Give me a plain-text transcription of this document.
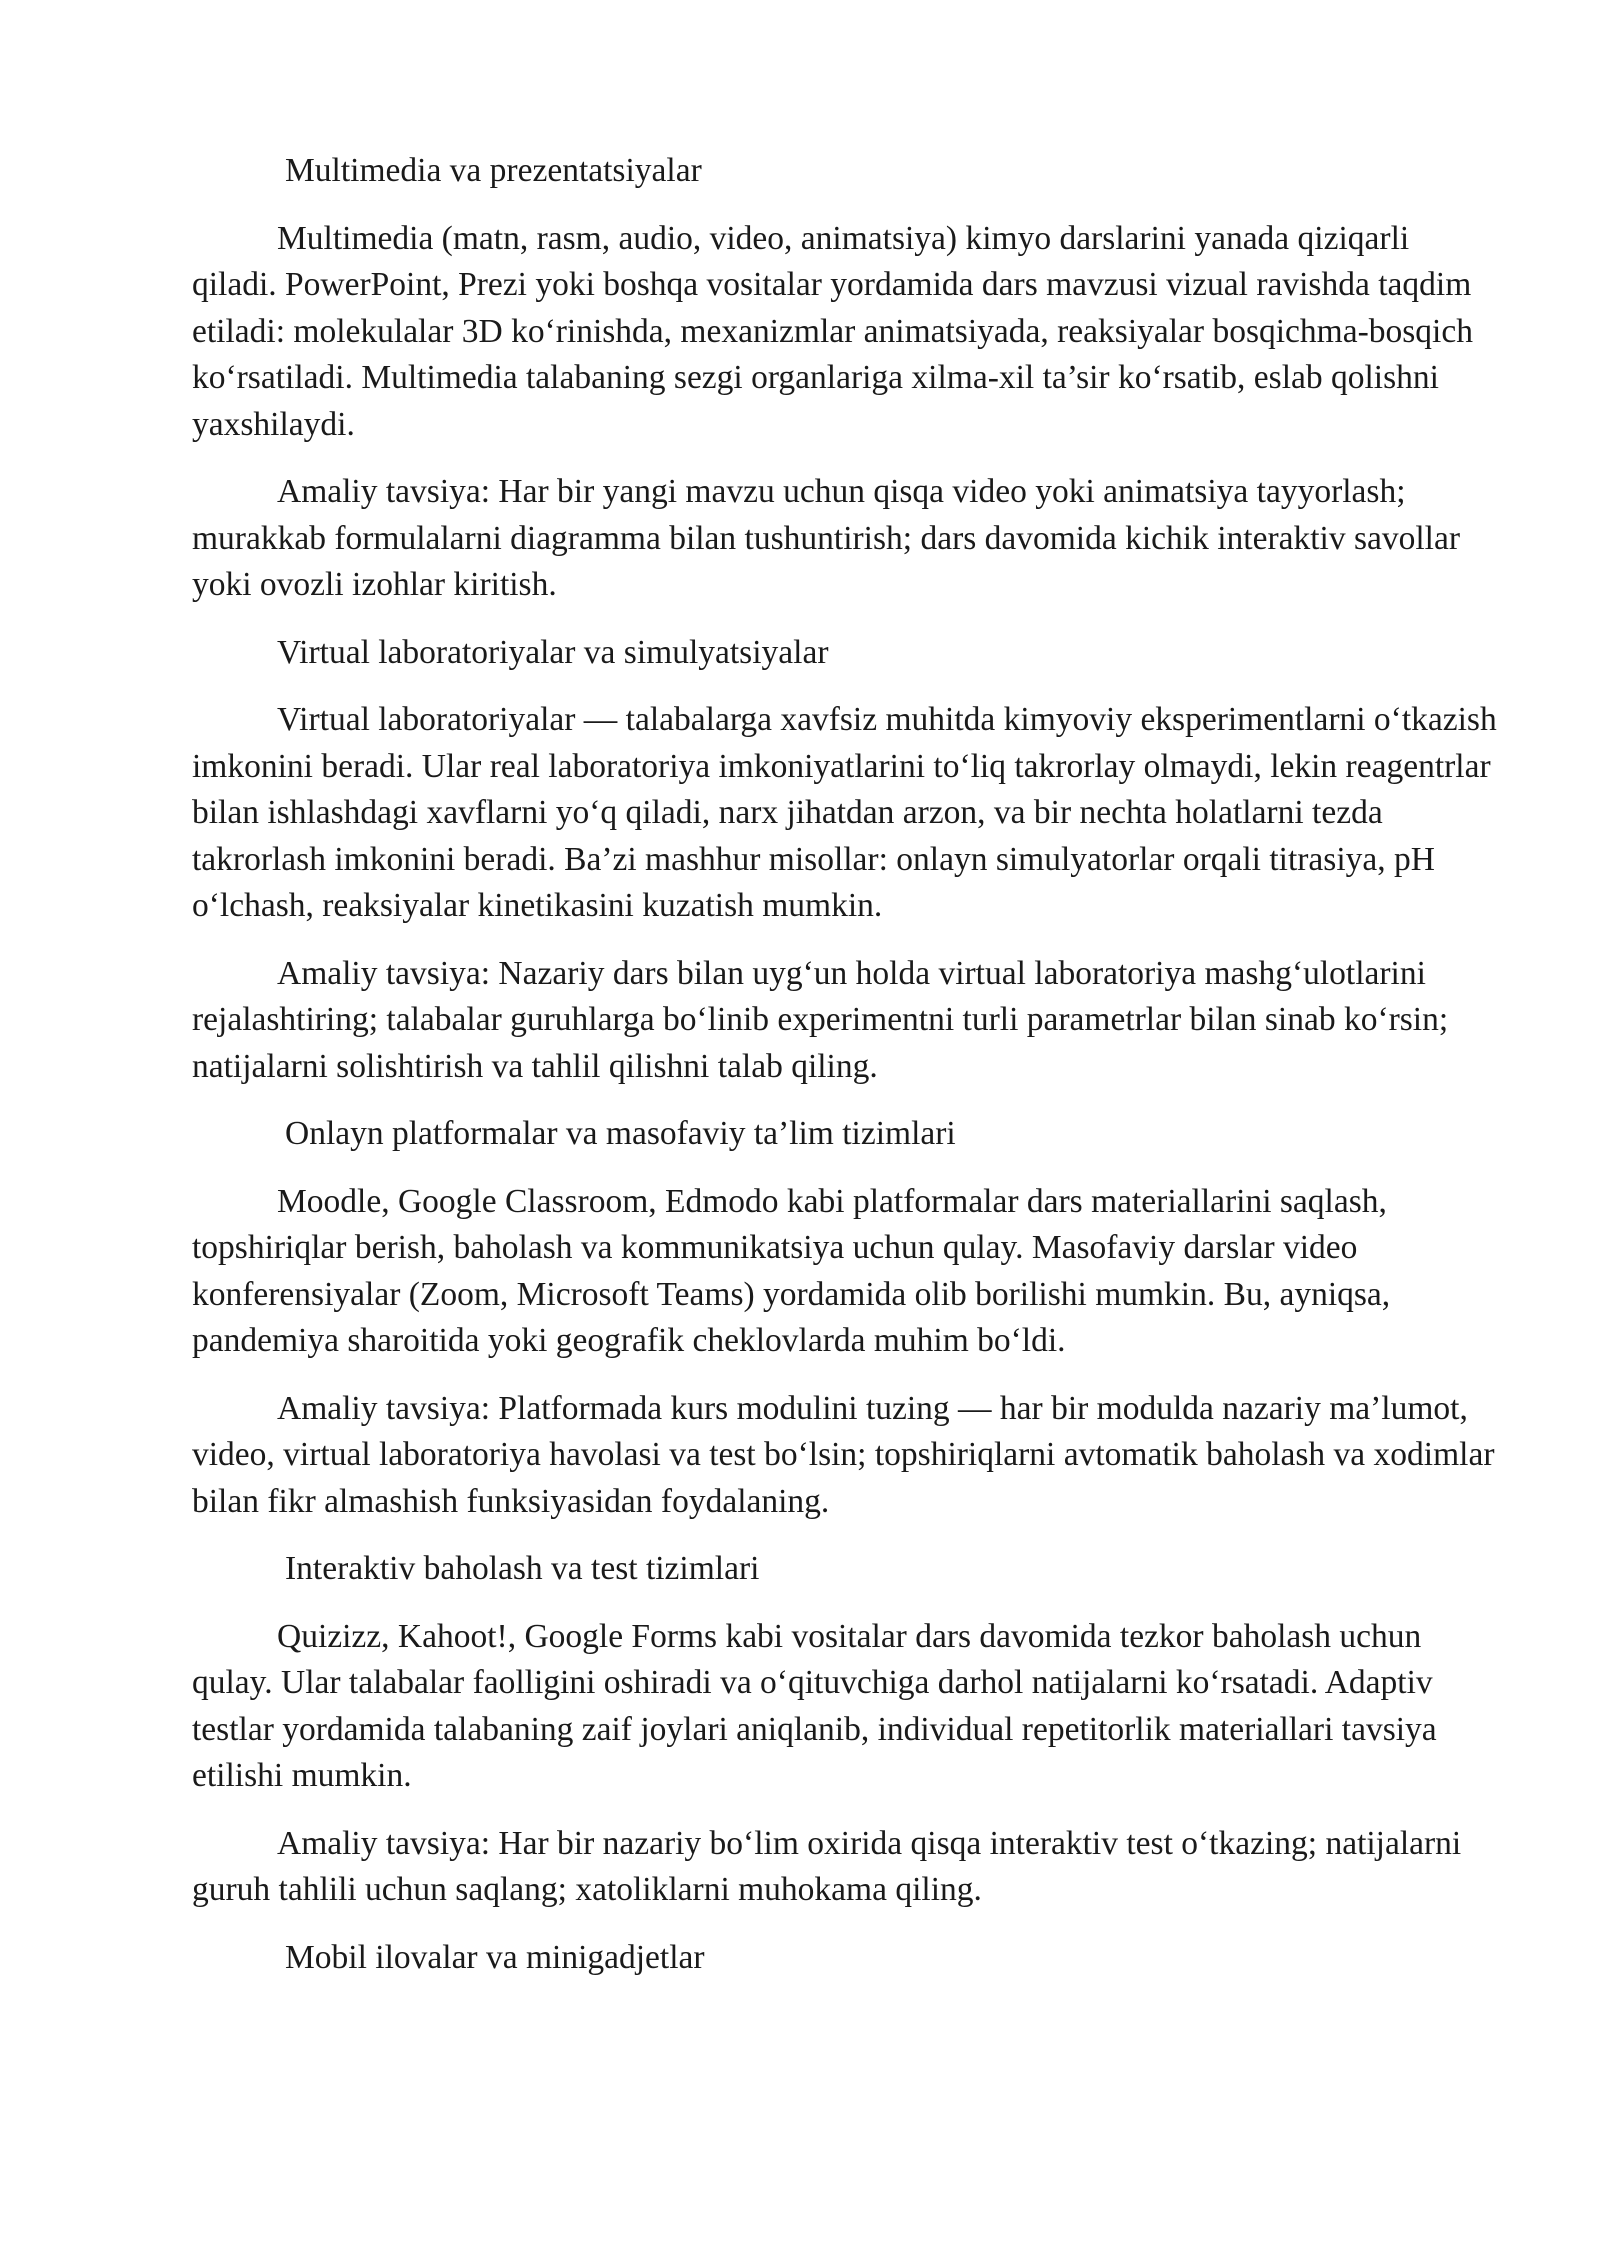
Multimedia va prezentatsiyalar

Multimedia (matn, rasm, audio, video, animatsiya) kimyo darslarini yanada qiziqarli qiladi. PowerPoint, Prezi yoki boshqa vositalar yordamida dars mavzusi vizual ravishda taqdim etiladi: molekulalar 3D ko‘rinishda, mexanizmlar animatsiyada, reaksiyalar bosqichma-bosqich ko‘rsatiladi. Multimedia talabaning sezgi organlariga xilma-xil ta’sir ko‘rsatib, eslab qolishni yaxshilaydi.

Amaliy tavsiya: Har bir yangi mavzu uchun qisqa video yoki animatsiya tayyorlash; murakkab formulalarni diagramma bilan tushuntirish; dars davomida kichik interaktiv savollar yoki ovozli izohlar kiritish.

Virtual laboratoriyalar va simulyatsiyalar

Virtual laboratoriyalar — talabalarga xavfsiz muhitda kimyoviy eksperimentlarni o‘tkazish imkonini beradi. Ular real laboratoriya imkoniyatlarini to‘liq takrorlay olmaydi, lekin reagentrlar bilan ishlashdagi xavflarni yo‘q qiladi, narx jihatdan arzon, va bir nechta holatlarni tezda takrorlash imkonini beradi. Ba’zi mashhur misollar: onlayn simulyatorlar orqali titrasiya, pH o‘lchash, reaksiyalar kinetikasini kuzatish mumkin.

Amaliy tavsiya: Nazariy dars bilan uyg‘un holda virtual laboratoriya mashg‘ulotlarini rejalashtiring; talabalar guruhlarga bo‘linib experimentni turli parametrlar bilan sinab ko‘rsin; natijalarni solishtirish va tahlil qilishni talab qiling.

Onlayn platformalar va masofaviy ta’lim tizimlari

Moodle, Google Classroom, Edmodo kabi platformalar dars materiallarini saqlash, topshiriqlar berish, baholash va kommunikatsiya uchun qulay. Masofaviy darslar video konferensiyalar (Zoom, Microsoft Teams) yordamida olib borilishi mumkin. Bu, ayniqsa, pandemiya sharoitida yoki geografik cheklovlarda muhim bo‘ldi.

Amaliy tavsiya: Platformada kurs modulini tuzing — har bir modulda nazariy ma’lumot, video, virtual laboratoriya havolasi va test bo‘lsin; topshiriqlarni avtomatik baholash va xodimlar bilan fikr almashish funksiyasidan foydalaning.

Interaktiv baholash va test tizimlari

Quizizz, Kahoot!, Google Forms kabi vositalar dars davomida tezkor baholash uchun qulay. Ular talabalar faolligini oshiradi va o‘qituvchiga darhol natijalarni ko‘rsatadi. Adaptiv testlar yordamida talabaning zaif joylari aniqlanib, individual repetitorlik materiallari tavsiya etilishi mumkin.

Amaliy tavsiya: Har bir nazariy bo‘lim oxirida qisqa interaktiv test o‘tkazing; natijalarni guruh tahlili uchun saqlang; xatoliklarni muhokama qiling.

Mobil ilovalar va minigadjetlar
